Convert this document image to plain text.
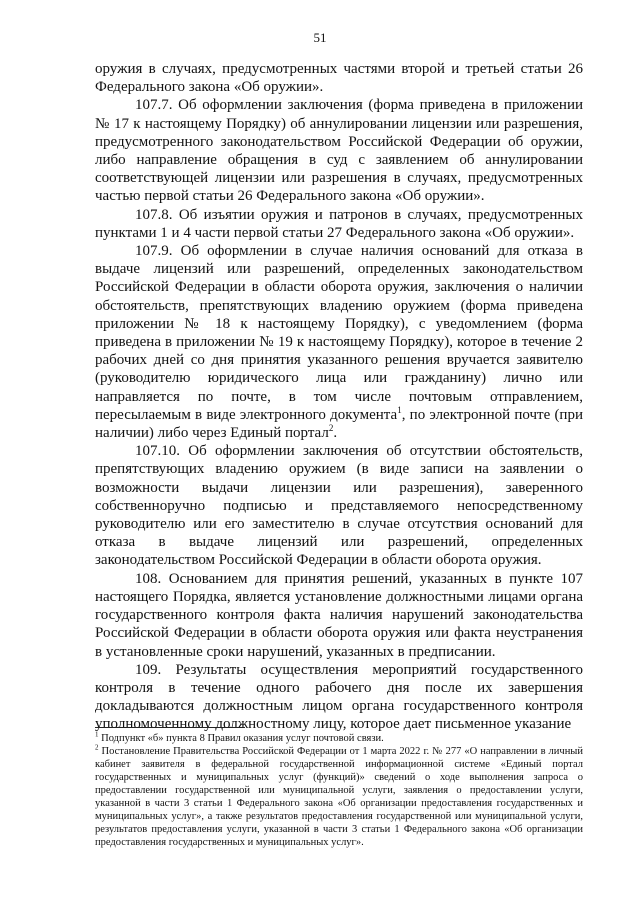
51

оружия в случаях, предусмотренных частями второй и третьей статьи 26 Федерального закона «Об оружии».

107.7. Об оформлении заключения (форма приведена в приложении № 17 к настоящему Порядку) об аннулировании лицензии или разрешения, предусмотренного законодательством Российской Федерации об оружии, либо направление обращения в суд с заявлением об аннулировании соответствующей лицензии или разрешения в случаях, предусмотренных частью первой статьи 26 Федерального закона «Об оружии».

107.8. Об изъятии оружия и патронов в случаях, предусмотренных пунктами 1 и 4 части первой статьи 27 Федерального закона «Об оружии».

107.9. Об оформлении в случае наличия оснований для отказа в выдаче лицензий или разрешений, определенных законодательством Российской Федерации в области оборота оружия, заключения о наличии обстоятельств, препятствующих владению оружием (форма приведена приложении № 18 к настоящему Порядку), с уведомлением (форма приведена в приложении № 19 к настоящему Порядку), которое в течение 2 рабочих дней со дня принятия указанного решения вручается заявителю (руководителю юридического лица или гражданину) лично или направляется по почте, в том числе почтовым отправлением, пересылаемым в виде электронного документа$^1$, по электронной почте (при наличии) либо через Единый портал$^2$.

107.10. Об оформлении заключения об отсутствии обстоятельств, препятствующих владению оружием (в виде записи на заявлении о возможности выдачи лицензии или разрешения), заверенного собственноручно подписью и представляемого непосредственному руководителю или его заместителю в случае отсутствия оснований для отказа в выдаче лицензий или разрешений, определенных законодательством Российской Федерации в области оборота оружия.

108. Основанием для принятия решений, указанных в пункте 107 настоящего Порядка, является установление должностными лицами органа государственного контроля факта наличия нарушений законодательства Российской Федерации в области оборота оружия или факта неустранения в установленные сроки нарушений, указанных в предписании.

109. Результаты осуществления мероприятий государственного контроля в течение одного рабочего дня после их завершения докладываются должностным лицом органа государственного контроля уполномоченному должностному лицу, которое дает письменное указание

$^1$ Подпункт «б» пункта 8 Правил оказания услуг почтовой связи.

$^2$ Постановление Правительства Российской Федерации от 1 марта 2022 г. № 277 «О направлении в личный кабинет заявителя в федеральной государственной информационной системе «Единый портал государственных и муниципальных услуг (функций)» сведений о ходе выполнения запроса о предоставлении государственной или муниципальной услуги, заявления о предоставлении услуги, указанной в части 3 статьи 1 Федерального закона «Об организации предоставления государственных и муниципальных услуг», а также результатов предоставления государственной или муниципальной услуги, результатов предоставления услуги, указанной в части 3 статьи 1 Федерального закона «Об организации предоставления государственных и муниципальных услуг».
